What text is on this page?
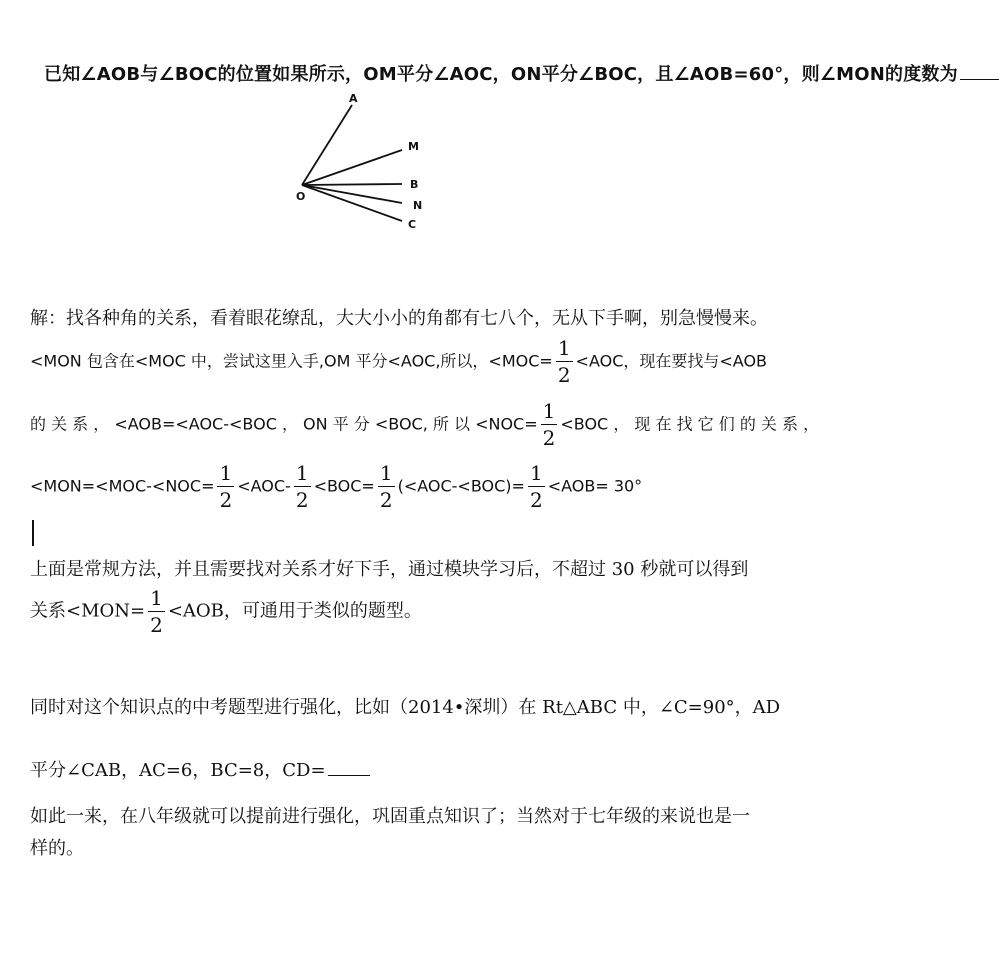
已知∠AOB与∠BOC的位置如果所示，OM平分∠AOC，ON平分∠BOC，且∠AOB=60°，则∠MON的度数为
A
M
B
N
C
O
解：找各种角的关系，看着眼花缭乱，大大小小的角都有七八个，无从下手啊，别急慢慢来。
<MON 包含在<MOC 中，尝试这里入手,OM 平分<AOC,所以，$<MOC= \frac{1}{2} <AOC$，现在要找与<AOB
的 关 系 ， <AOB=<AOC-<BOC ， ON 平 分 <BOC, 所 以 $<NOC= \frac{1}{2} <BOC$ ， 现 在 找 它 们 的 关 系 ，
$<MON=<MOC-<NOC= \frac{1}{2} <AOC- \frac{1}{2} <BOC= \frac{1}{2} (<AOC-<BOC)= \frac{1}{2} <AOB= 30^\circ$
上面是常规方法，并且需要找对关系才好下手，通过模块学习后，不超过 30 秒就可以得到
关系$<MON= \frac{1}{2} <AOB$，可通用于类似的题型。
同时对这个知识点的中考题型进行强化，比如（2014•深圳）在 Rt△ABC 中，∠C=90°，AD
平分∠CAB，AC=6，BC=8，CD=
如此一来，在八年级就可以提前进行强化，巩固重点知识了；当然对于七年级的来说也是一
样的。
